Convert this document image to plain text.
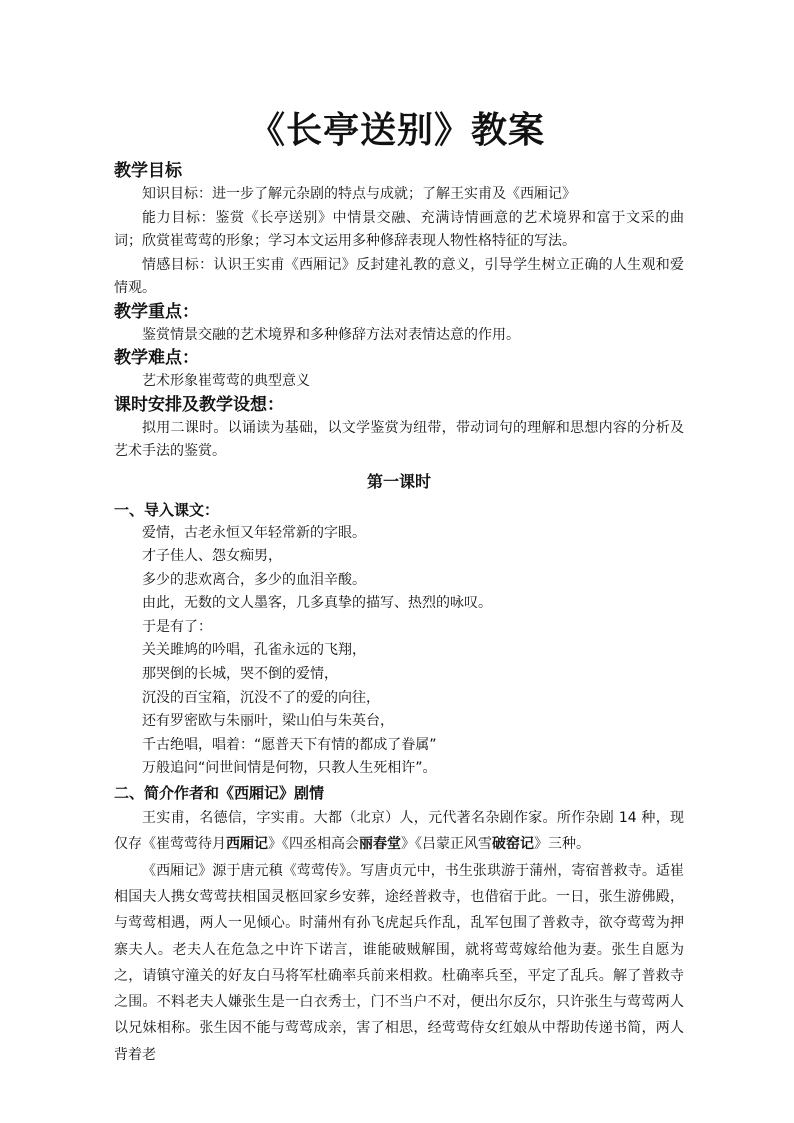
《长亭送别》教案

教学目标

知识目标：进一步了解元杂剧的特点与成就；了解王实甫及《西厢记》

能力目标：鉴赏《长亭送别》中情景交融、充满诗情画意的艺术境界和富于文采的曲词；欣赏崔莺莺的形象；学习本文运用多种修辞表现人物性格特征的写法。

情感目标：认识王实甫《西厢记》反封建礼教的意义，引导学生树立正确的人生观和爱情观。

教学重点：

鉴赏情景交融的艺术境界和多种修辞方法对表情达意的作用。

教学难点：

艺术形象崔莺莺的典型意义

课时安排及教学设想：

拟用二课时。以诵读为基础，以文学鉴赏为纽带，带动词句的理解和思想内容的分析及艺术手法的鉴赏。

第一课时

一、导入课文：

爱情，古老永恒又年轻常新的字眼。

才子佳人、怨女痴男，

多少的悲欢离合，多少的血泪辛酸。

由此，无数的文人墨客，几多真挚的描写、热烈的咏叹。

于是有了：

关关雎鸠的吟唱，孔雀永远的飞翔，

那哭倒的长城，哭不倒的爱情，

沉没的百宝箱，沉没不了的爱的向往，

还有罗密欧与朱丽叶，梁山伯与朱英台，

千古绝唱，唱着：“愿普天下有情的都成了眷属”

万般追问“问世间情是何物，只教人生死相许”。

二、简介作者和《西厢记》剧情

王实甫，名德信，字实甫。大都（北京）人，元代著名杂剧作家。所作杂剧 14 种，现仅存《崔莺莺待月西厢记》《四丞相高会丽春堂》《吕蒙正风雪破窑记》三种。

《西厢记》源于唐元稹《莺莺传》。写唐贞元中，书生张珙游于蒲州，寄宿普救寺。适崔相国夫人携女莺莺扶相国灵柩回家乡安葬，途经普救寺，也借宿于此。一日，张生游佛殿，与莺莺相遇，两人一见倾心。时蒲州有孙飞虎起兵作乱，乱军包围了普救寺，欲夺莺莺为押寨夫人。老夫人在危急之中许下诺言，谁能破贼解围，就将莺莺嫁给他为妻。张生自愿为之，请镇守潼关的好友白马将军杜确率兵前来相救。杜确率兵至，平定了乱兵。解了普救寺之围。不料老夫人嫌张生是一白衣秀士，门不当户不对，便出尔反尔，只许张生与莺莺两人以兄妹相称。张生因不能与莺莺成亲，害了相思，经莺莺侍女红娘从中帮助传递书简，两人背着老
